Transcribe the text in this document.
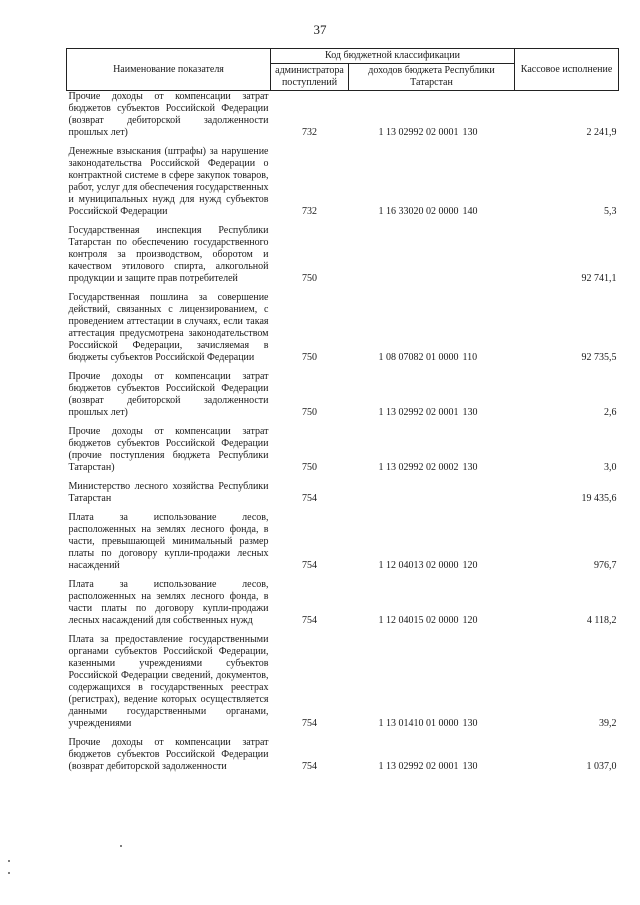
37
Наименование показателя	Код бюджетной классификации			Кассовое исполнение
	администратора поступлений	доходов бюджета Республики Татарстан		
Прочие доходы от компенсации затрат бюджетов субъектов Российской Федерации (возврат дебиторской задолженности прошлых лет)	732	1 13 02992 02 0001	130	2 241,9
Денежные взыскания (штрафы) за нарушение законодательства Российской Федерации о контрактной системе в сфере закупок товаров, работ, услуг для обеспечения государственных и муниципальных нужд для нужд субъектов Российской Федерации	732	1 16 33020 02 0000	140	5,3
Государственная инспекция Республики Татарстан по обеспечению государственного контроля за производством, оборотом и качеством этилового спирта, алкогольной продукции и защите прав потребителей	750			92 741,1
Государственная пошлина за совершение действий, связанных с лицензированием, с проведением аттестации в случаях, если такая аттестация предусмотрена законодательством Российской Федерации, зачисляемая в бюджеты субъектов Российской Федерации	750	1 08 07082 01 0000	110	92 735,5
Прочие доходы от компенсации затрат бюджетов субъектов Российской Федерации (возврат дебиторской задолженности прошлых лет)	750	1 13 02992 02 0001	130	2,6
Прочие доходы от компенсации затрат бюджетов субъектов Российской Федерации (прочие поступления бюджета Республики Татарстан)	750	1 13 02992 02 0002	130	3,0
Министерство лесного хозяйства Республики Татарстан	754			19 435,6
Плата за использование лесов, расположенных на землях лесного фонда, в части, превышающей минимальный размер платы по договору купли-продажи лесных насаждений	754	1 12 04013 02 0000	120	976,7
Плата за использование лесов, расположенных на землях лесного фонда, в части платы по договору купли-продажи лесных насаждений для собственных нужд	754	1 12 04015 02 0000	120	4 118,2
Плата за предоставление государственными органами субъектов Российской Федерации, казенными учреждениями субъектов Российской Федерации сведений, документов, содержащихся в государственных реестрах (регистрах), ведение которых осуществляется данными государственными органами, учреждениями	754	1 13 01410 01 0000	130	39,2
Прочие доходы от компенсации затрат бюджетов субъектов Российской Федерации (возврат дебиторской задолженности	754	1 13 02992 02 0001	130	1 037,0
